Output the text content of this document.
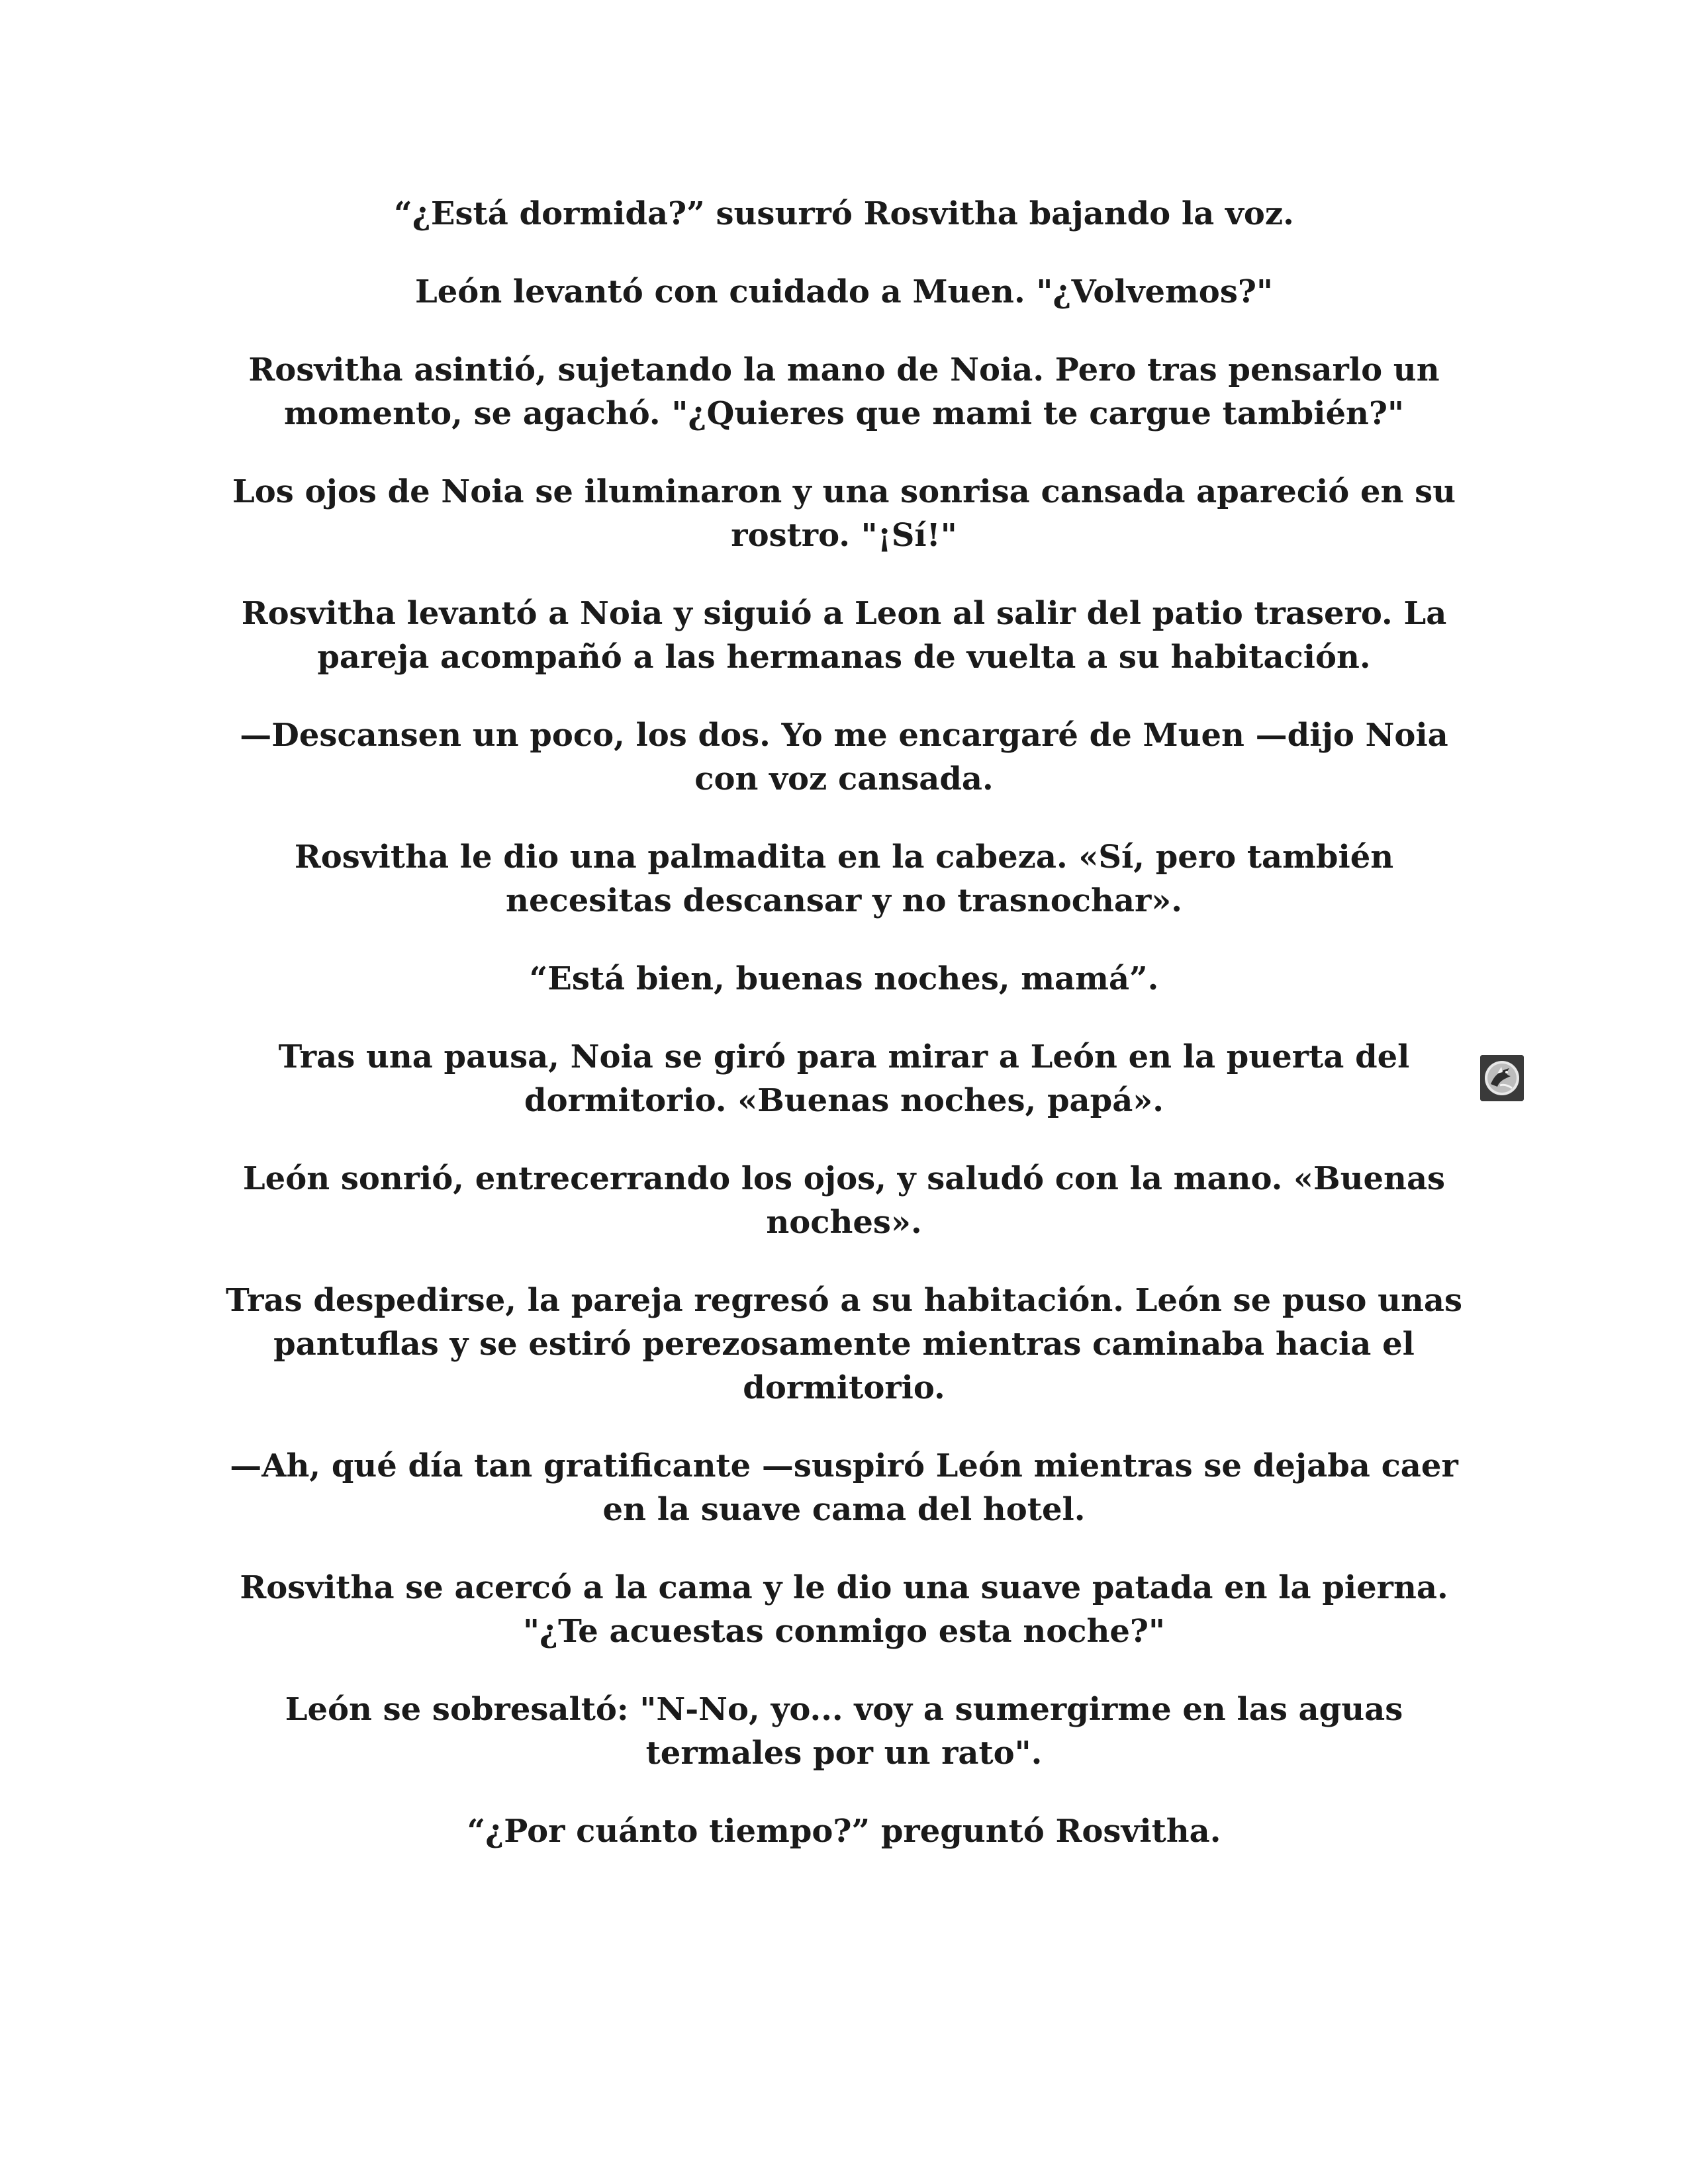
“¿Está dormida?” susurró Rosvitha bajando la voz.

León levantó con cuidado a Muen. "¿Volvemos?"

Rosvitha asintió, sujetando la mano de Noia. Pero tras pensarlo un momento, se agachó. "¿Quieres que mami te cargue también?"

Los ojos de Noia se iluminaron y una sonrisa cansada apareció en su rostro. "¡Sí!"

Rosvitha levantó a Noia y siguió a Leon al salir del patio trasero. La pareja acompañó a las hermanas de vuelta a su habitación.

—Descansen un poco, los dos. Yo me encargaré de Muen —dijo Noia con voz cansada.

Rosvitha le dio una palmadita en la cabeza. «Sí, pero también necesitas descansar y no trasnochar».

“Está bien, buenas noches, mamá”.

Tras una pausa, Noia se giró para mirar a León en la puerta del dormitorio. «Buenas noches, papá».

León sonrió, entrecerrando los ojos, y saludó con la mano. «Buenas noches».

Tras despedirse, la pareja regresó a su habitación. León se puso unas pantuflas y se estiró perezosamente mientras caminaba hacia el dormitorio.

—Ah, qué día tan gratificante —suspiró León mientras se dejaba caer en la suave cama del hotel.

Rosvitha se acercó a la cama y le dio una suave patada en la pierna. "¿Te acuestas conmigo esta noche?"

León se sobresaltó: "N-No, yo... voy a sumergirme en las aguas termales por un rato".

“¿Por cuánto tiempo?” preguntó Rosvitha.
